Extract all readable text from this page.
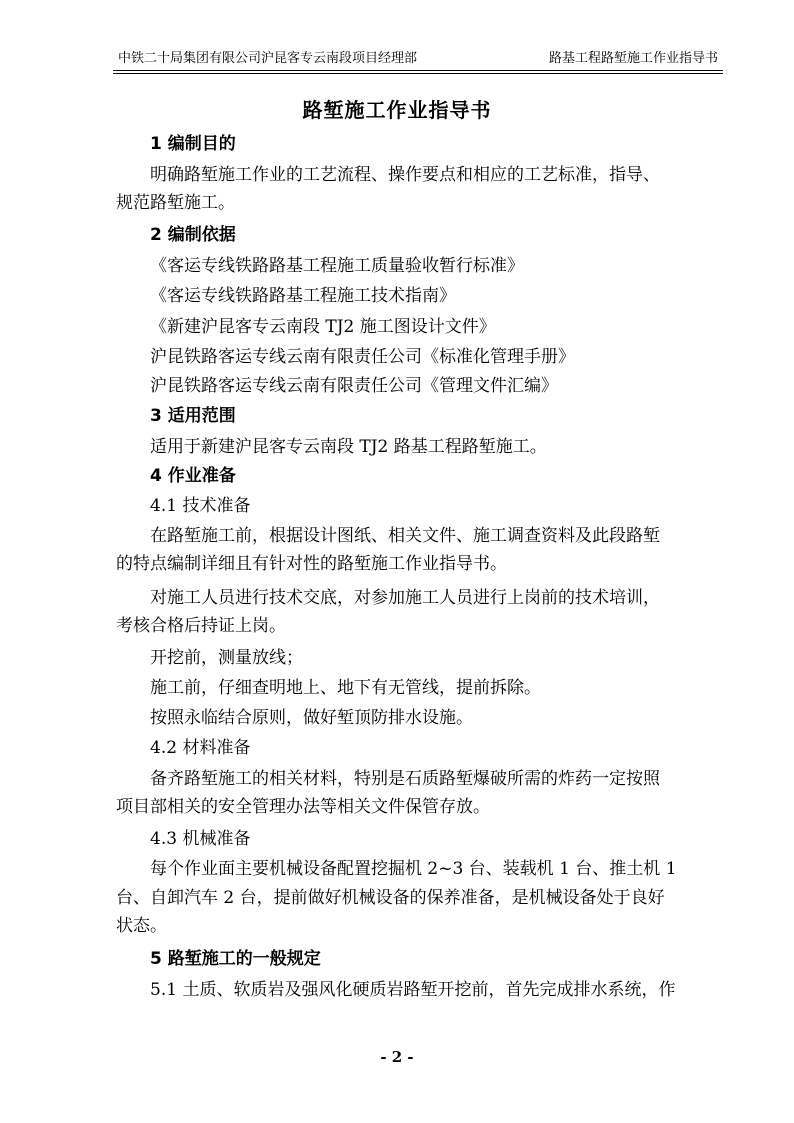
中铁二十局集团有限公司沪昆客专云南段项目经理部	路基工程路堑施工作业指导书
路堑施工作业指导书
1 编制目的
明确路堑施工作业的工艺流程、操作要点和相应的工艺标准，指导、
规范路堑施工。
2 编制依据
《客运专线铁路路基工程施工质量验收暂行标准》
《客运专线铁路路基工程施工技术指南》
《新建沪昆客专云南段 TJ2 施工图设计文件》
沪昆铁路客运专线云南有限责任公司《标准化管理手册》
沪昆铁路客运专线云南有限责任公司《管理文件汇编》
3 适用范围
适用于新建沪昆客专云南段 TJ2 路基工程路堑施工。
4 作业准备
4.1 技术准备
在路堑施工前，根据设计图纸、相关文件、施工调查资料及此段路堑
的特点编制详细且有针对性的路堑施工作业指导书。
对施工人员进行技术交底，对参加施工人员进行上岗前的技术培训，
考核合格后持证上岗。
开挖前，测量放线；
施工前，仔细查明地上、地下有无管线，提前拆除。
按照永临结合原则，做好堑顶防排水设施。
4.2 材料准备
备齐路堑施工的相关材料，特别是石质路堑爆破所需的炸药一定按照
项目部相关的安全管理办法等相关文件保管存放。
4.3 机械准备
每个作业面主要机械设备配置挖掘机 2~3 台、装载机 1 台、推土机 1
台、自卸汽车 2 台，提前做好机械设备的保养准备，是机械设备处于良好
状态。
5 路堑施工的一般规定
5.1 土质、软质岩及强风化硬质岩路堑开挖前，首先完成排水系统，作
- 2 -
